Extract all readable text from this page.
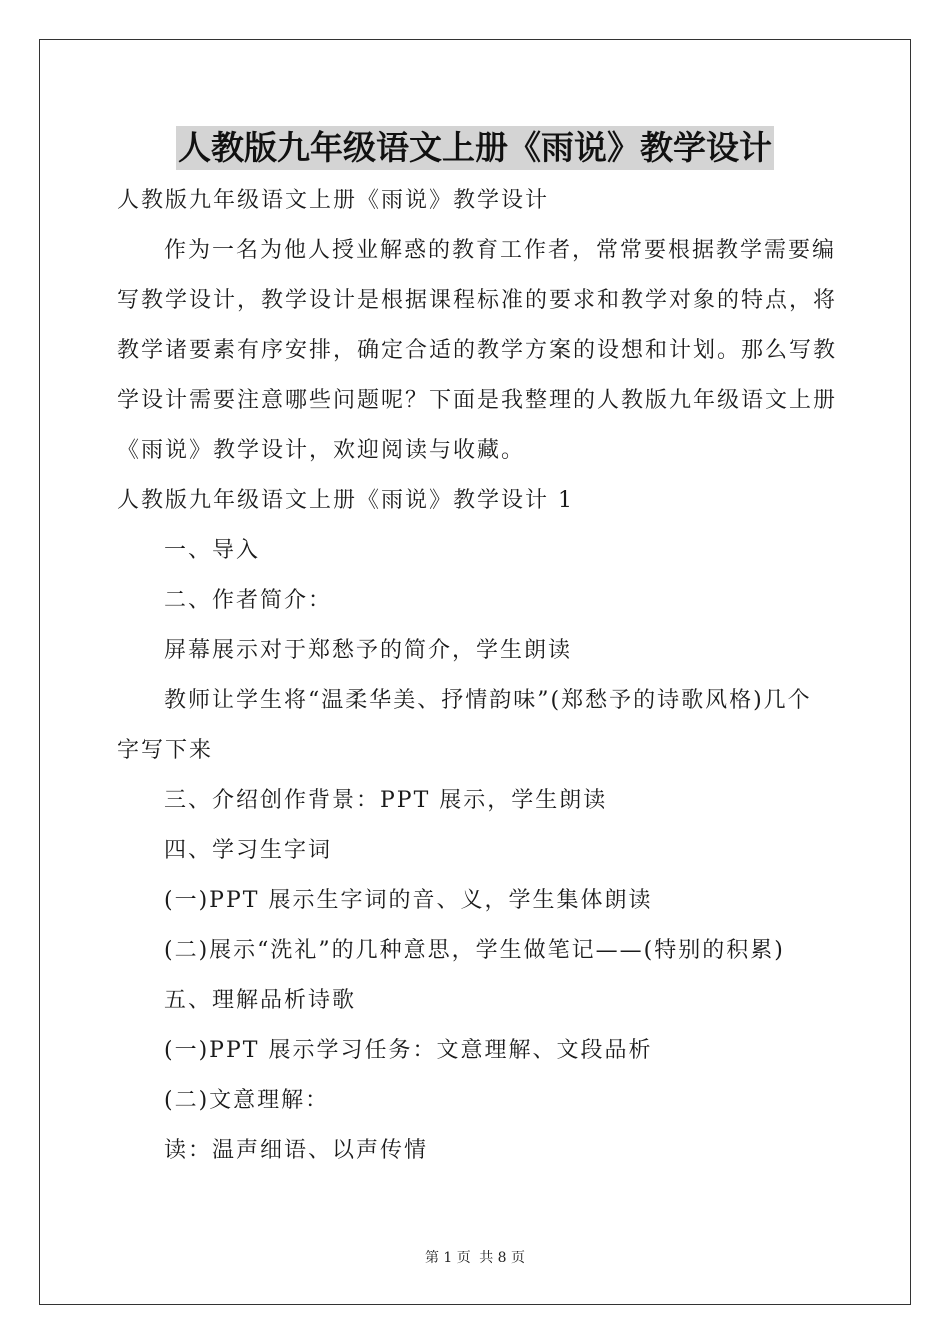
人教版九年级语文上册《雨说》教学设计
人教版九年级语文上册《雨说》教学设计
作为一名为他人授业解惑的教育工作者，常常要根据教学需要编
写教学设计，教学设计是根据课程标准的要求和教学对象的特点，将
教学诸要素有序安排，确定合适的教学方案的设想和计划。那么写教
学设计需要注意哪些问题呢？下面是我整理的人教版九年级语文上册
《雨说》教学设计，欢迎阅读与收藏。
人教版九年级语文上册《雨说》教学设计 1
一、导入
二、作者简介：
屏幕展示对于郑愁予的简介，学生朗读
教师让学生将“温柔华美、抒情韵味”(郑愁予的诗歌风格)几个
字写下来
三、介绍创作背景：PPT 展示，学生朗读
四、学习生字词
(一)PPT 展示生字词的音、义，学生集体朗读
(二)展示“洗礼”的几种意思，学生做笔记——(特别的积累)
五、理解品析诗歌
(一)PPT 展示学习任务：文意理解、文段品析
(二)文意理解：
读：温声细语、以声传情
第 1 页 共 8 页
